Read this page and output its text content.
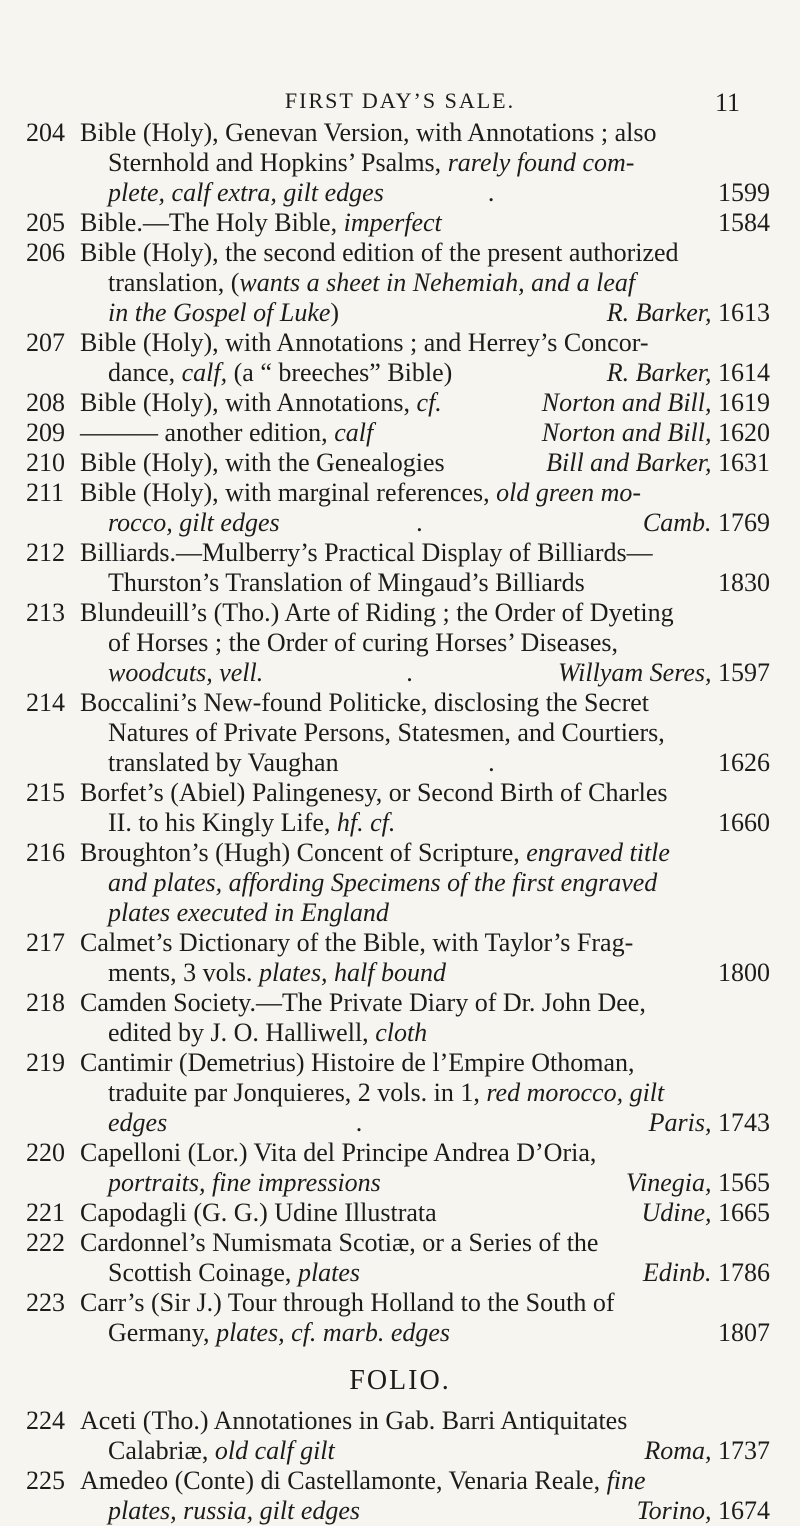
FIRST DAY’S SALE.	11
204 Bible (Holy), Genevan Version, with Annotations ; also
Sternhold and Hopkins’ Psalms, rarely found com-
plete, calf extra, gilt edges                .	1599
205 Bible.—The Holy Bible, imperfect	1584
206 Bible (Holy), the second edition of the present authorized
translation, (wants a sheet in Nehemiah, and a leaf
in the Gospel of Luke)	R. Barker, 1613
207 Bible (Holy), with Annotations ; and Herrey’s Concor-
dance, calf, (a “ breeches” Bible)	R. Barker, 1614
208 Bible (Holy), with Annotations, cf.	Norton and Bill, 1619
209 ——— another edition, calf	Norton and Bill, 1620
210 Bible (Holy), with the Genealogies	Bill and Barker, 1631
211 Bible (Holy), with marginal references, old green mo-
rocco, gilt edges                     .	Camb. 1769
212 Billiards.—Mulberry’s Practical Display of Billiards—
Thurston’s Translation of Mingaud’s Billiards	1830
213 Blundeuill’s (Tho.) Arte of Riding ; the Order of Dyeting
of Horses ; the Order of curing Horses’ Diseases,
woodcuts, vell.                      .	Willyam Seres, 1597
214 Boccalini’s New-found Politicke, disclosing the Secret
Natures of Private Persons, Statesmen, and Courtiers,
translated by Vaughan                       .	1626
215 Borfet’s (Abiel) Palingenesy, or Second Birth of Charles
II. to his Kingly Life, hf. cf.	1660
216 Broughton’s (Hugh) Concent of Scripture, engraved title
and plates, affording Specimens of the first engraved
plates executed in England
217 Calmet’s Dictionary of the Bible, with Taylor’s Frag-
ments, 3 vols. plates, half bound	1800
218 Camden Society.—The Private Diary of Dr. John Dee,
edited by J. O. Halliwell, cloth
219 Cantimir (Demetrius) Histoire de l’Empire Othoman,
traduite par Jonquieres, 2 vols. in 1, red morocco, gilt
edges                             .	Paris, 1743
220 Capelloni (Lor.) Vita del Principe Andrea D’Oria,
portraits, fine impressions	Vinegia, 1565
221 Capodagli (G. G.) Udine Illustrata	Udine, 1665
222 Cardonnel’s Numismata Scotiæ, or a Series of the
Scottish Coinage, plates	Edinb. 1786
223 Carr’s (Sir J.) Tour through Holland to the South of
Germany, plates, cf. marb. edges	1807
FOLIO.
224 Aceti (Tho.) Annotationes in Gab. Barri Antiquitates
Calabriæ, old calf gilt	Roma, 1737
225 Amedeo (Conte) di Castellamonte, Venaria Reale, fine
plates, russia, gilt edges	Torino, 1674
